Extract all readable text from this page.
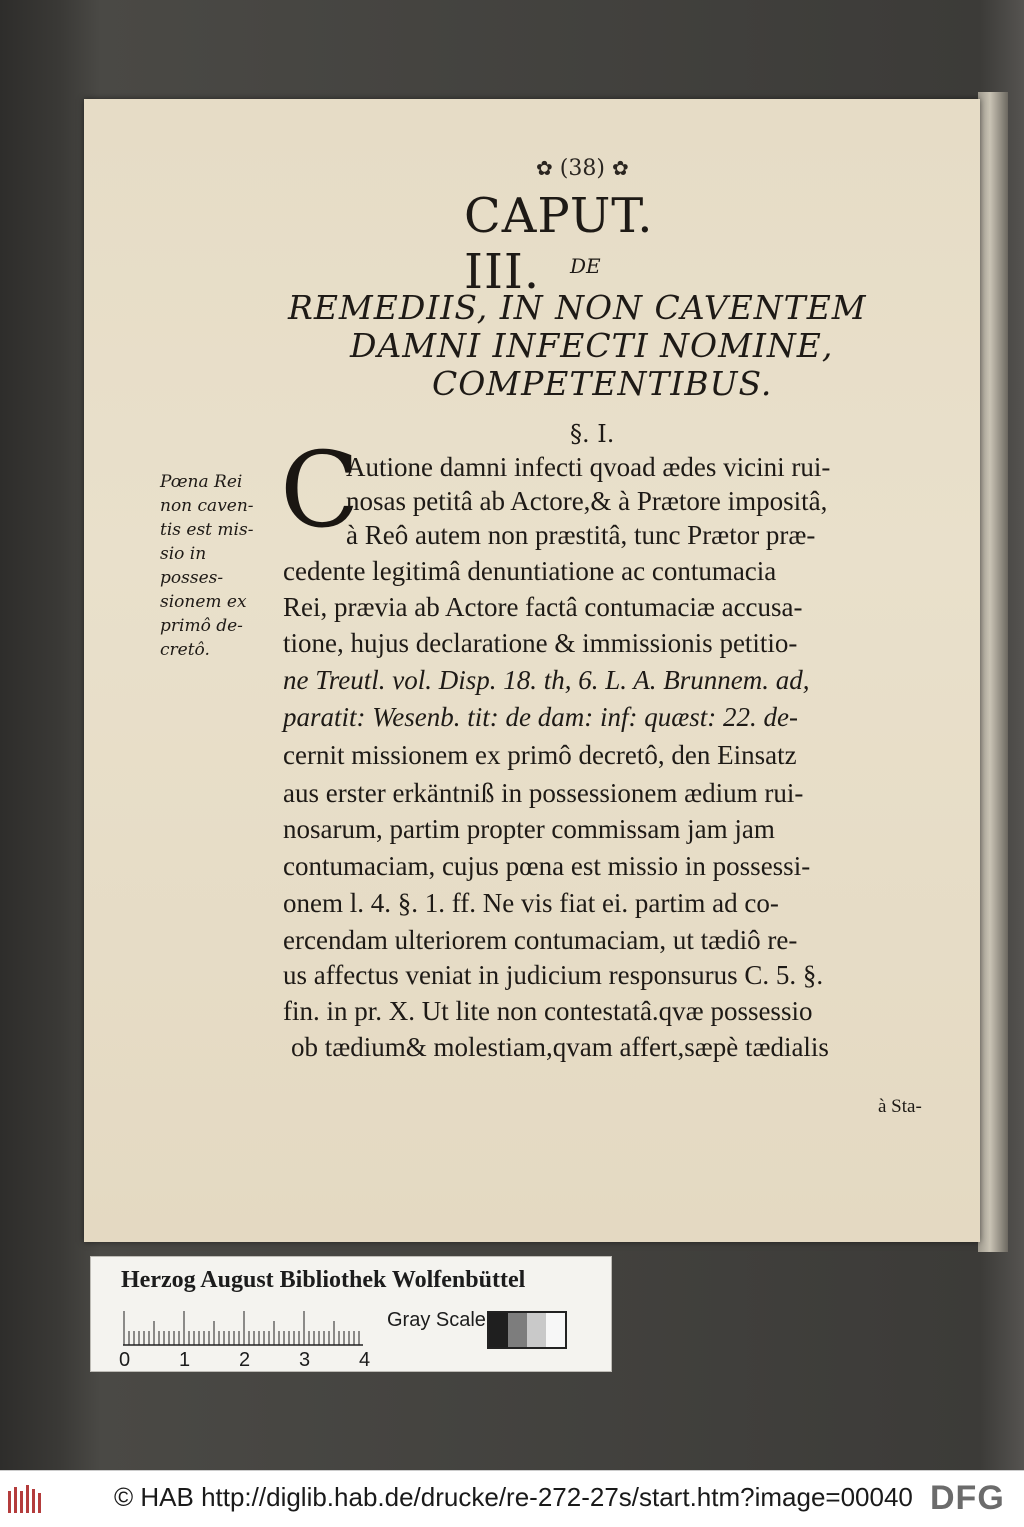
✿ (38) ✿
CAPUT. III.	DE
REMEDIIS, IN NON CAVENTEM
DAMNI INFECTI NOMINE,
COMPETENTIBUS.
§. I.
Pœna Rei
non caven-
tis est mis-
sio in posses-
sionem ex
primô de-
cretô.
C
Autione damni infecti qvoad ædes vicini rui-
nosas petitâ ab Actore,& à Prætore impositâ,
à Reô autem non præstitâ, tunc Prætor præ-
cedente legitimâ denuntiatione ac contumacia
Rei, prævia ab Actore factâ contumaciæ accusa-
tione, hujus declaratione & immissionis petitio-
ne Treutl. vol. Disp. 18. th, 6. L. A. Brunnem. ad,
paratit: Wesenb. tit: de dam: inf: quæst: 22. de-
cernit missionem ex primô decretô, den Einsatz
aus erster erkäntniß in possessionem ædium rui-
nosarum, partim propter commissam jam jam
contumaciam, cujus pœna est missio in possessi-
onem l. 4. §. 1. ff. Ne vis fiat ei. partim ad co-
ercendam ulteriorem contumaciam, ut tædiô re-
us affectus veniat in judicium responsurus C. 5. §.
fin. in pr. X. Ut lite non contestatâ.qvæ possessio
ob tædium& molestiam,qvam affert,sæpè tædialis
à Sta-
Herzog August Bibliothek Wolfenbüttel
0 1 2 3 4
Gray Scale
© HAB http://diglib.hab.de/drucke/re-272-27s/start.htm?image=00040 DFG
